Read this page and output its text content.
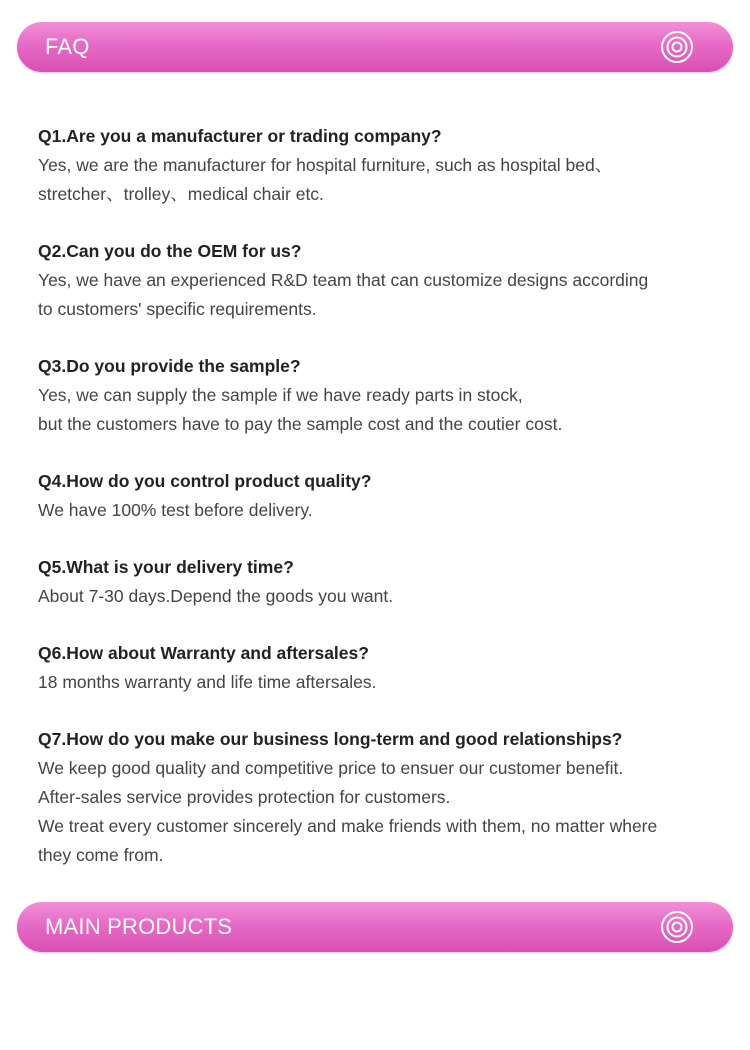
FAQ
Q1.Are you a manufacturer or trading company?
Yes, we are the manufacturer for hospital furniture, such as hospital bed、
stretcher、trolley、medical chair etc.
Q2.Can you do the OEM for us?
Yes, we have an experienced R&D team that can customize designs according
to customers' specific requirements.
Q3.Do you provide the sample?
Yes, we can supply the sample if we have ready parts in stock,
but the customers have to pay the sample cost and the coutier cost.
Q4.How do you control product quality?
We have 100% test before delivery.
Q5.What is your delivery time?
About 7-30 days.Depend the goods you want.
Q6.How about Warranty and aftersales?
18 months warranty and life time aftersales.
Q7.How do you make our business long-term and good relationships?
We keep good quality and competitive price to ensuer our customer benefit.
After-sales service provides protection for customers.
We treat every customer sincerely and make friends with them, no matter where
they come from.
MAIN PRODUCTS
